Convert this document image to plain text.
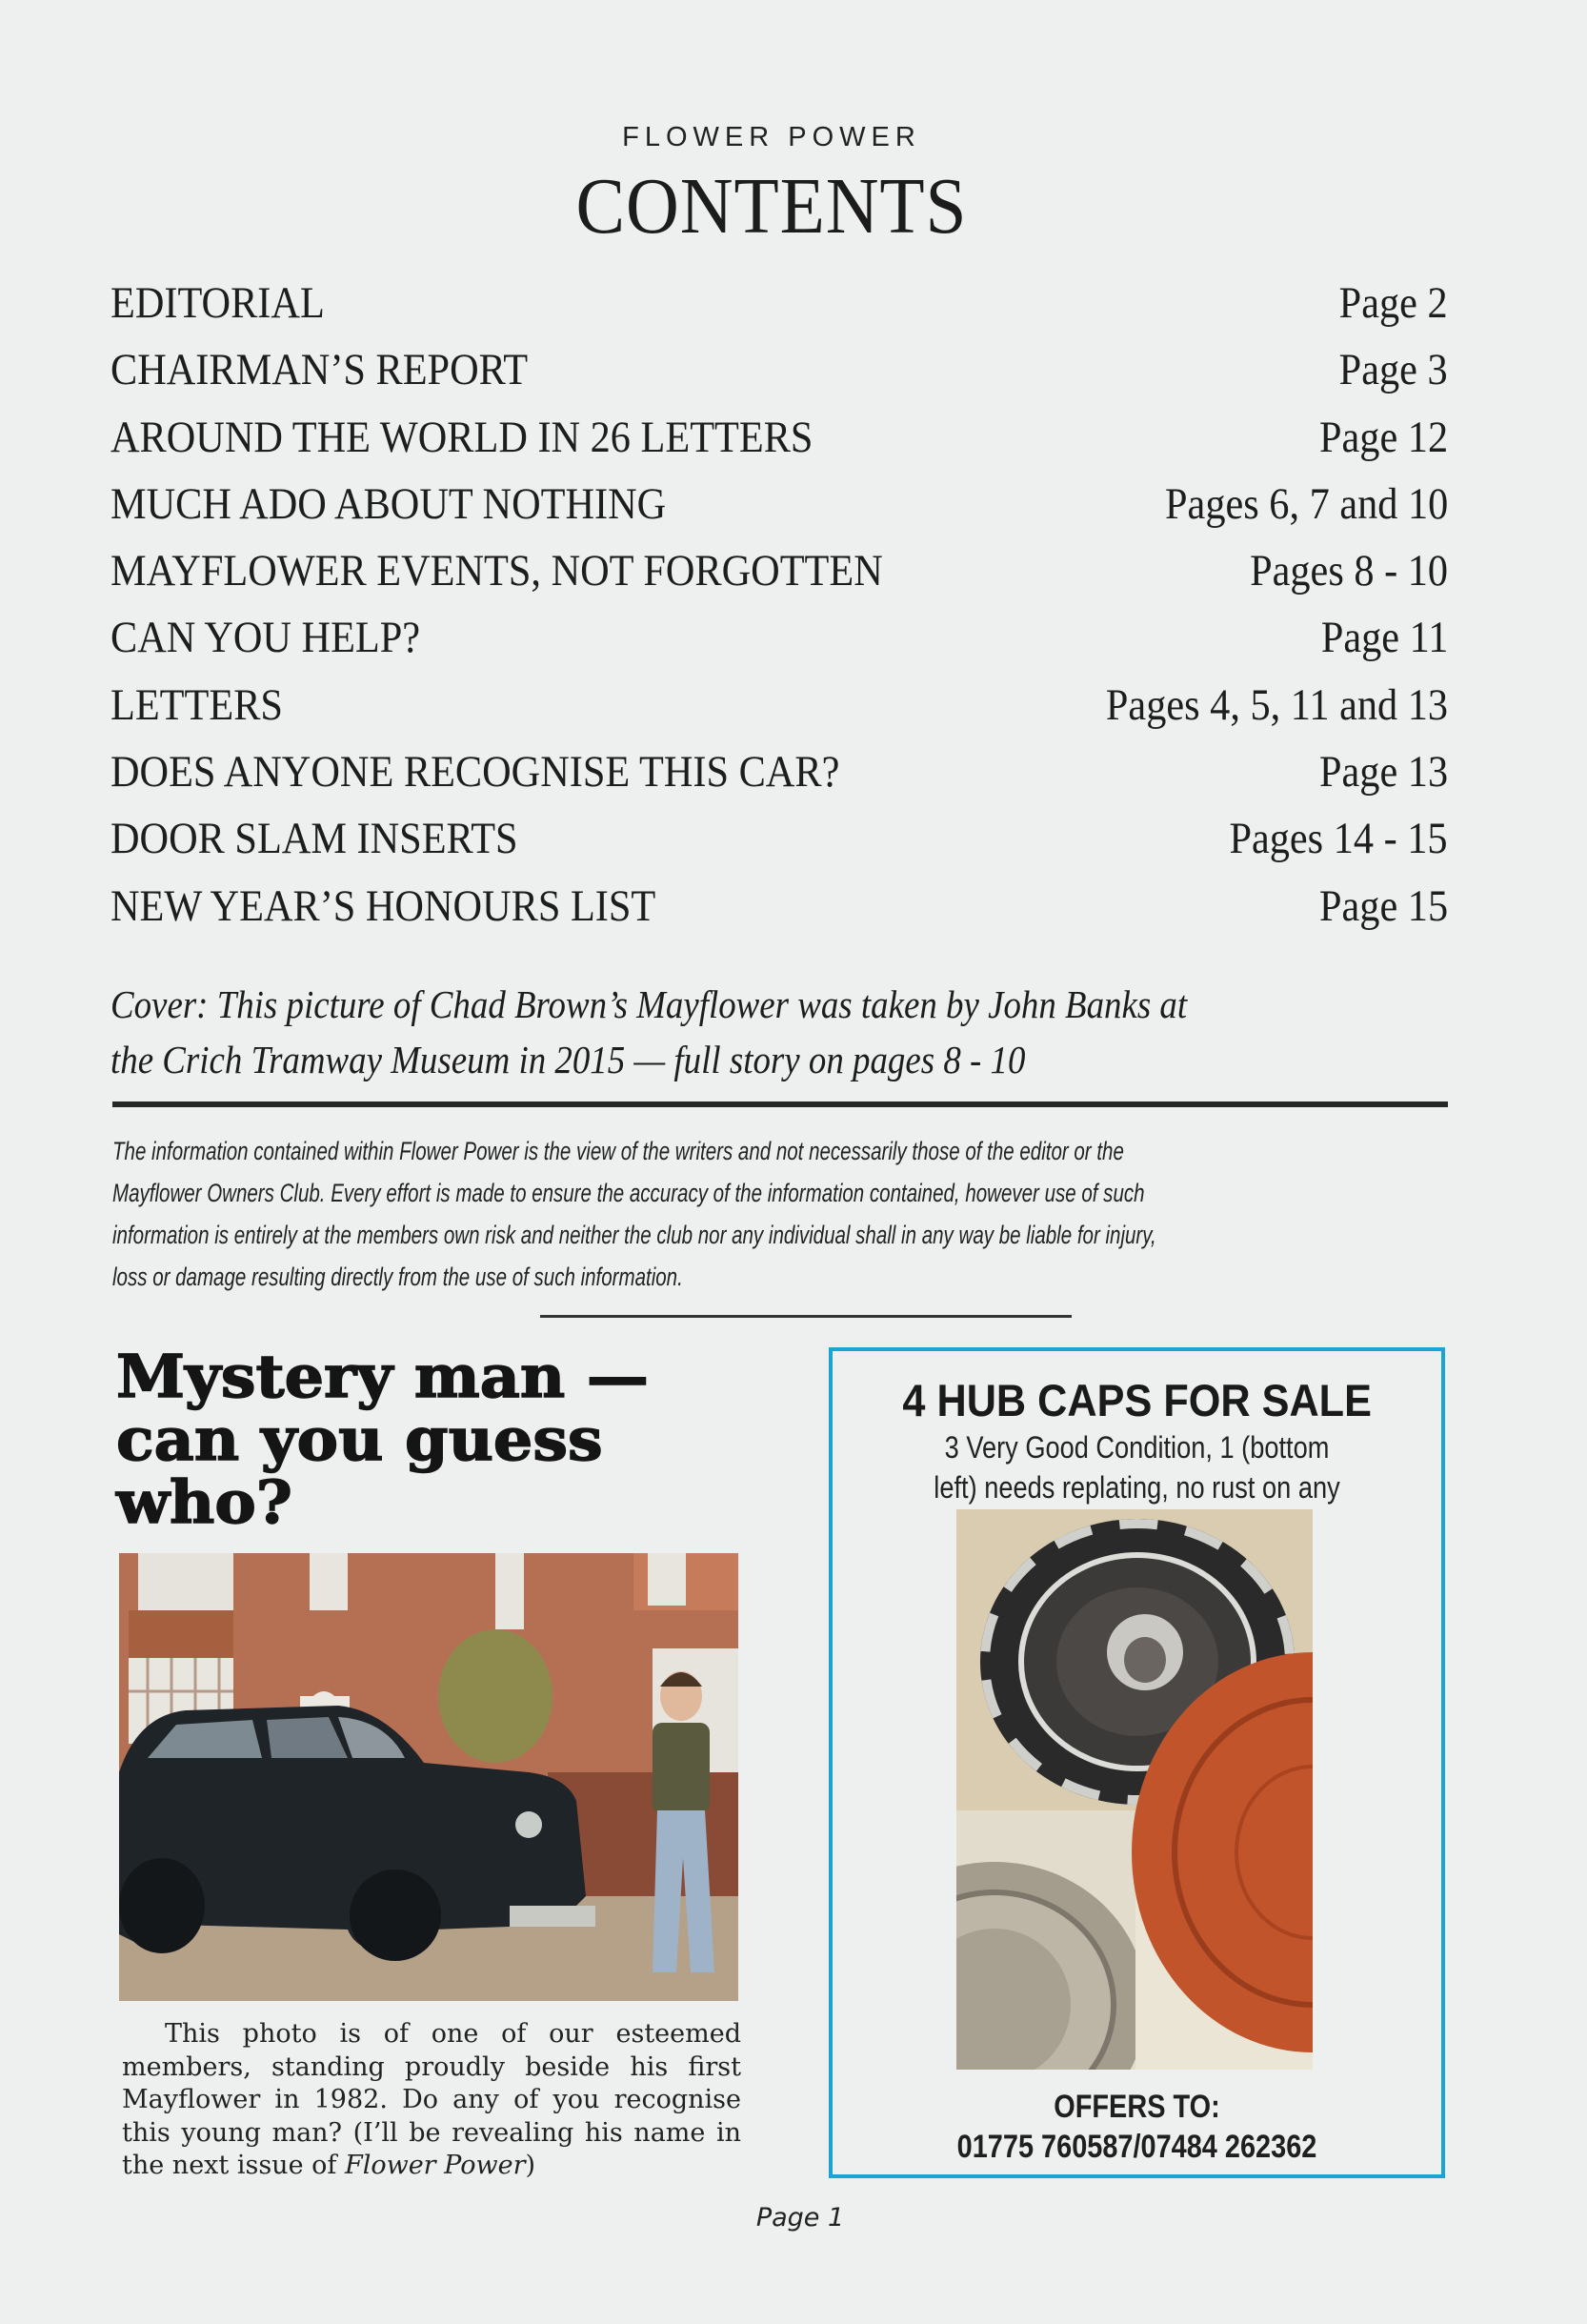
FLOWER POWER
CONTENTS
EDITORIAL	Page 2
CHAIRMAN’S REPORT	Page 3
AROUND THE WORLD IN 26 LETTERS	Page 12
MUCH ADO ABOUT NOTHING	Pages 6, 7 and 10
MAYFLOWER EVENTS, NOT FORGOTTEN	Pages 8 - 10
CAN YOU HELP?	Page 11
LETTERS	Pages 4, 5, 11 and 13
DOES ANYONE RECOGNISE THIS CAR?	Page 13
DOOR SLAM INSERTS	Pages 14 - 15
NEW YEAR’S HONOURS LIST	Page 15
Cover: This picture of Chad Brown’s Mayflower was taken by John Banks at
the Crich Tramway Museum in 2015 — full story on pages 8 - 10
The information contained within Flower Power is the view of the writers and not necessarily those of the editor or the
Mayflower Owners Club. Every effort is made to ensure the accuracy of the information contained, however use of such
information is entirely at the members own risk and neither the club nor any individual shall in any way be liable for injury,
loss or damage resulting directly from the use of such information.
Mystery man —
can you guess
who?

This photo is of one of our esteemed members, standing proudly beside his first Mayflower in 1982. Do any of you recognise this young man? (I’ll be revealing his name in the next issue of Flower Power)

4 HUB CAPS FOR SALE
3 Very Good Condition, 1 (bottom
left) needs replating, no rust on any
OFFERS TO:
01775 760587/07484 262362
Page 1
